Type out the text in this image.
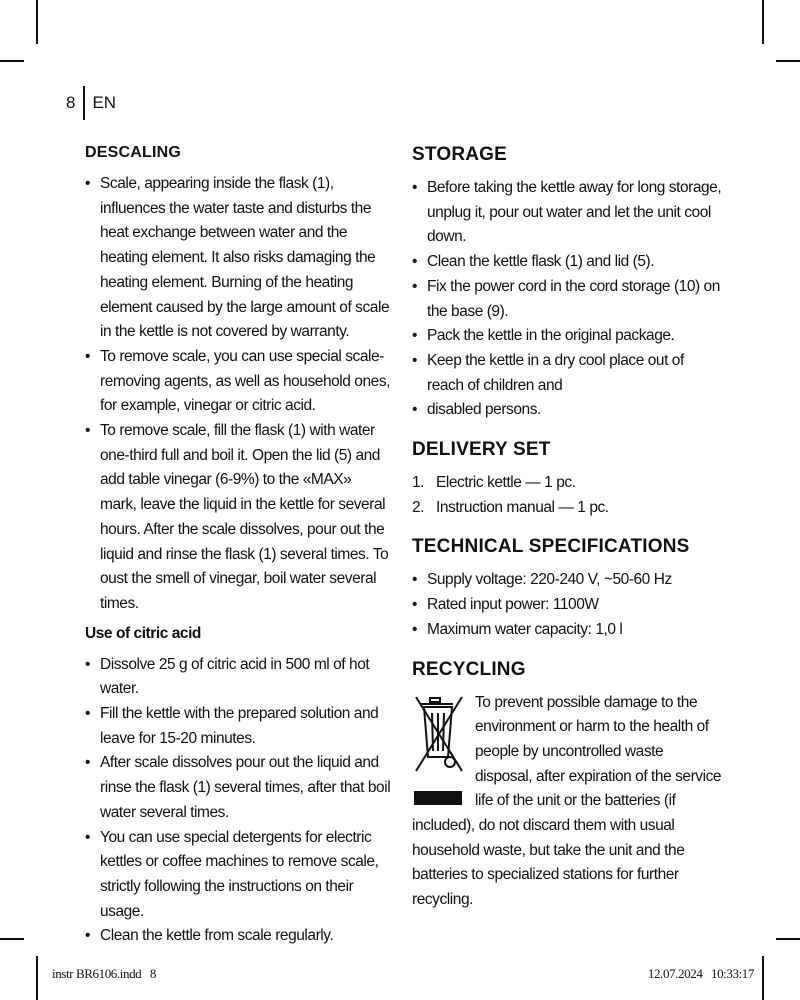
8 EN
DESCALING
• Scale, appearing inside the flask (1), influences the water taste and disturbs the heat exchange between water and the heating element. It also risks damaging the heating element. Burning of the heating element caused by the large amount of scale in the kettle is not covered by warranty.
• To remove scale, you can use special scale-removing agents, as well as household ones, for example, vinegar or citric acid.
• To remove scale, fill the flask (1) with water one-third full and boil it. Open the lid (5) and add table vinegar (6-9%) to the «MAX» mark, leave the liquid in the kettle for several hours. After the scale dissolves, pour out the liquid and rinse the flask (1) several times. To oust the smell of vinegar, boil water several times.
Use of citric acid
• Dissolve 25 g of citric acid in 500 ml of hot water.
• Fill the kettle with the prepared solution and leave for 15-20 minutes.
• After scale dissolves pour out the liquid and rinse the flask (1) several times, after that boil water several times.
• You can use special detergents for electric kettles or coffee machines to remove scale, strictly following the instructions on their usage.
• Clean the kettle from scale regularly.
STORAGE
• Before taking the kettle away for long storage, unplug it, pour out water and let the unit cool down.
• Clean the kettle flask (1) and lid (5).
• Fix the power cord in the cord storage (10) on the base (9).
• Pack the kettle in the original package.
• Keep the kettle in a dry cool place out of reach of children and
• disabled persons.
DELIVERY SET
1. Electric kettle — 1 pc.
2. Instruction manual — 1 pc.
TECHNICAL SPECIFICATIONS
• Supply voltage: 220-240 V, ~50-60 Hz
• Rated input power: 1100W
• Maximum water capacity: 1,0 l
RECYCLING
To prevent possible damage to the environment or harm to the health of people by uncontrolled waste disposal, after expiration of the service life of the unit or the batteries (if included), do not discard them with usual household waste, but take the unit and the batteries to specialized stations for further recycling.
instr BR6106.indd   8	12.07.2024   10:33:17
